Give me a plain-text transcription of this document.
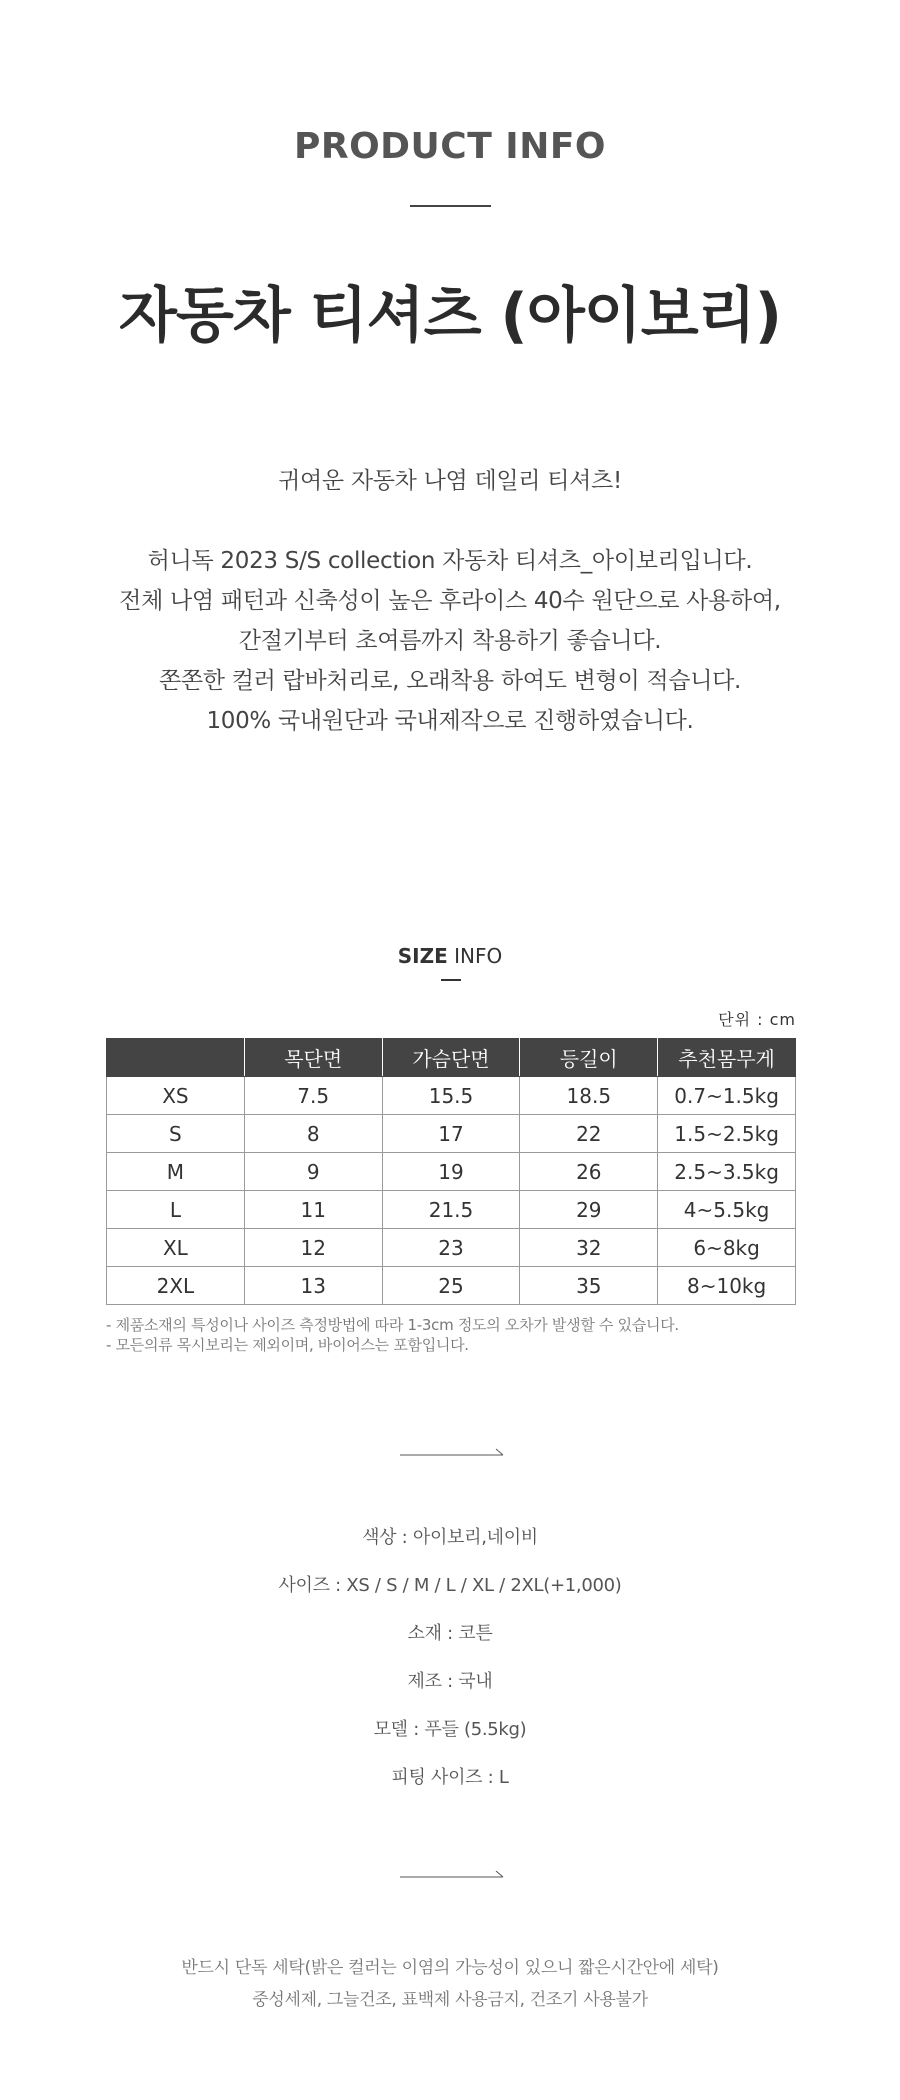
PRODUCT INFO
자동차 티셔츠 (아이보리)
귀여운 자동차 나염 데일리 티셔츠!
허니독 2023 S/S collection 자동차 티셔츠_아이보리입니다.
전체 나염 패턴과 신축성이 높은 후라이스 40수 원단으로 사용하여,
간절기부터 초여름까지 착용하기 좋습니다.
쫀쫀한 컬러 랍바처리로, 오래착용 하여도 변형이 적습니다.
100% 국내원단과 국내제작으로 진행하였습니다.
SIZE INFO
단위 : cm
	목단면	가슴단면	등길이	추천몸무게
XS	7.5	15.5	18.5	0.7~1.5kg
S	8	17	22	1.5~2.5kg
M	9	19	26	2.5~3.5kg
L	11	21.5	29	4~5.5kg
XL	12	23	32	6~8kg
2XL	13	25	35	8~10kg
- 제품소재의 특성이나 사이즈 측정방법에 따라 1-3cm 정도의 오차가 발생할 수 있습니다.
- 모든의류 목시보리는 제외이며, 바이어스는 포함입니다.
색상 : 아이보리,네이비
사이즈 : XS / S / M / L / XL / 2XL(+1,000)
소재 : 코튼
제조 : 국내
모델 : 푸들 (5.5kg)
피팅 사이즈 : L
반드시 단독 세탁(밝은 컬러는 이염의 가능성이 있으니 짧은시간안에 세탁)
중성세제, 그늘건조, 표백제 사용금지, 건조기 사용불가
